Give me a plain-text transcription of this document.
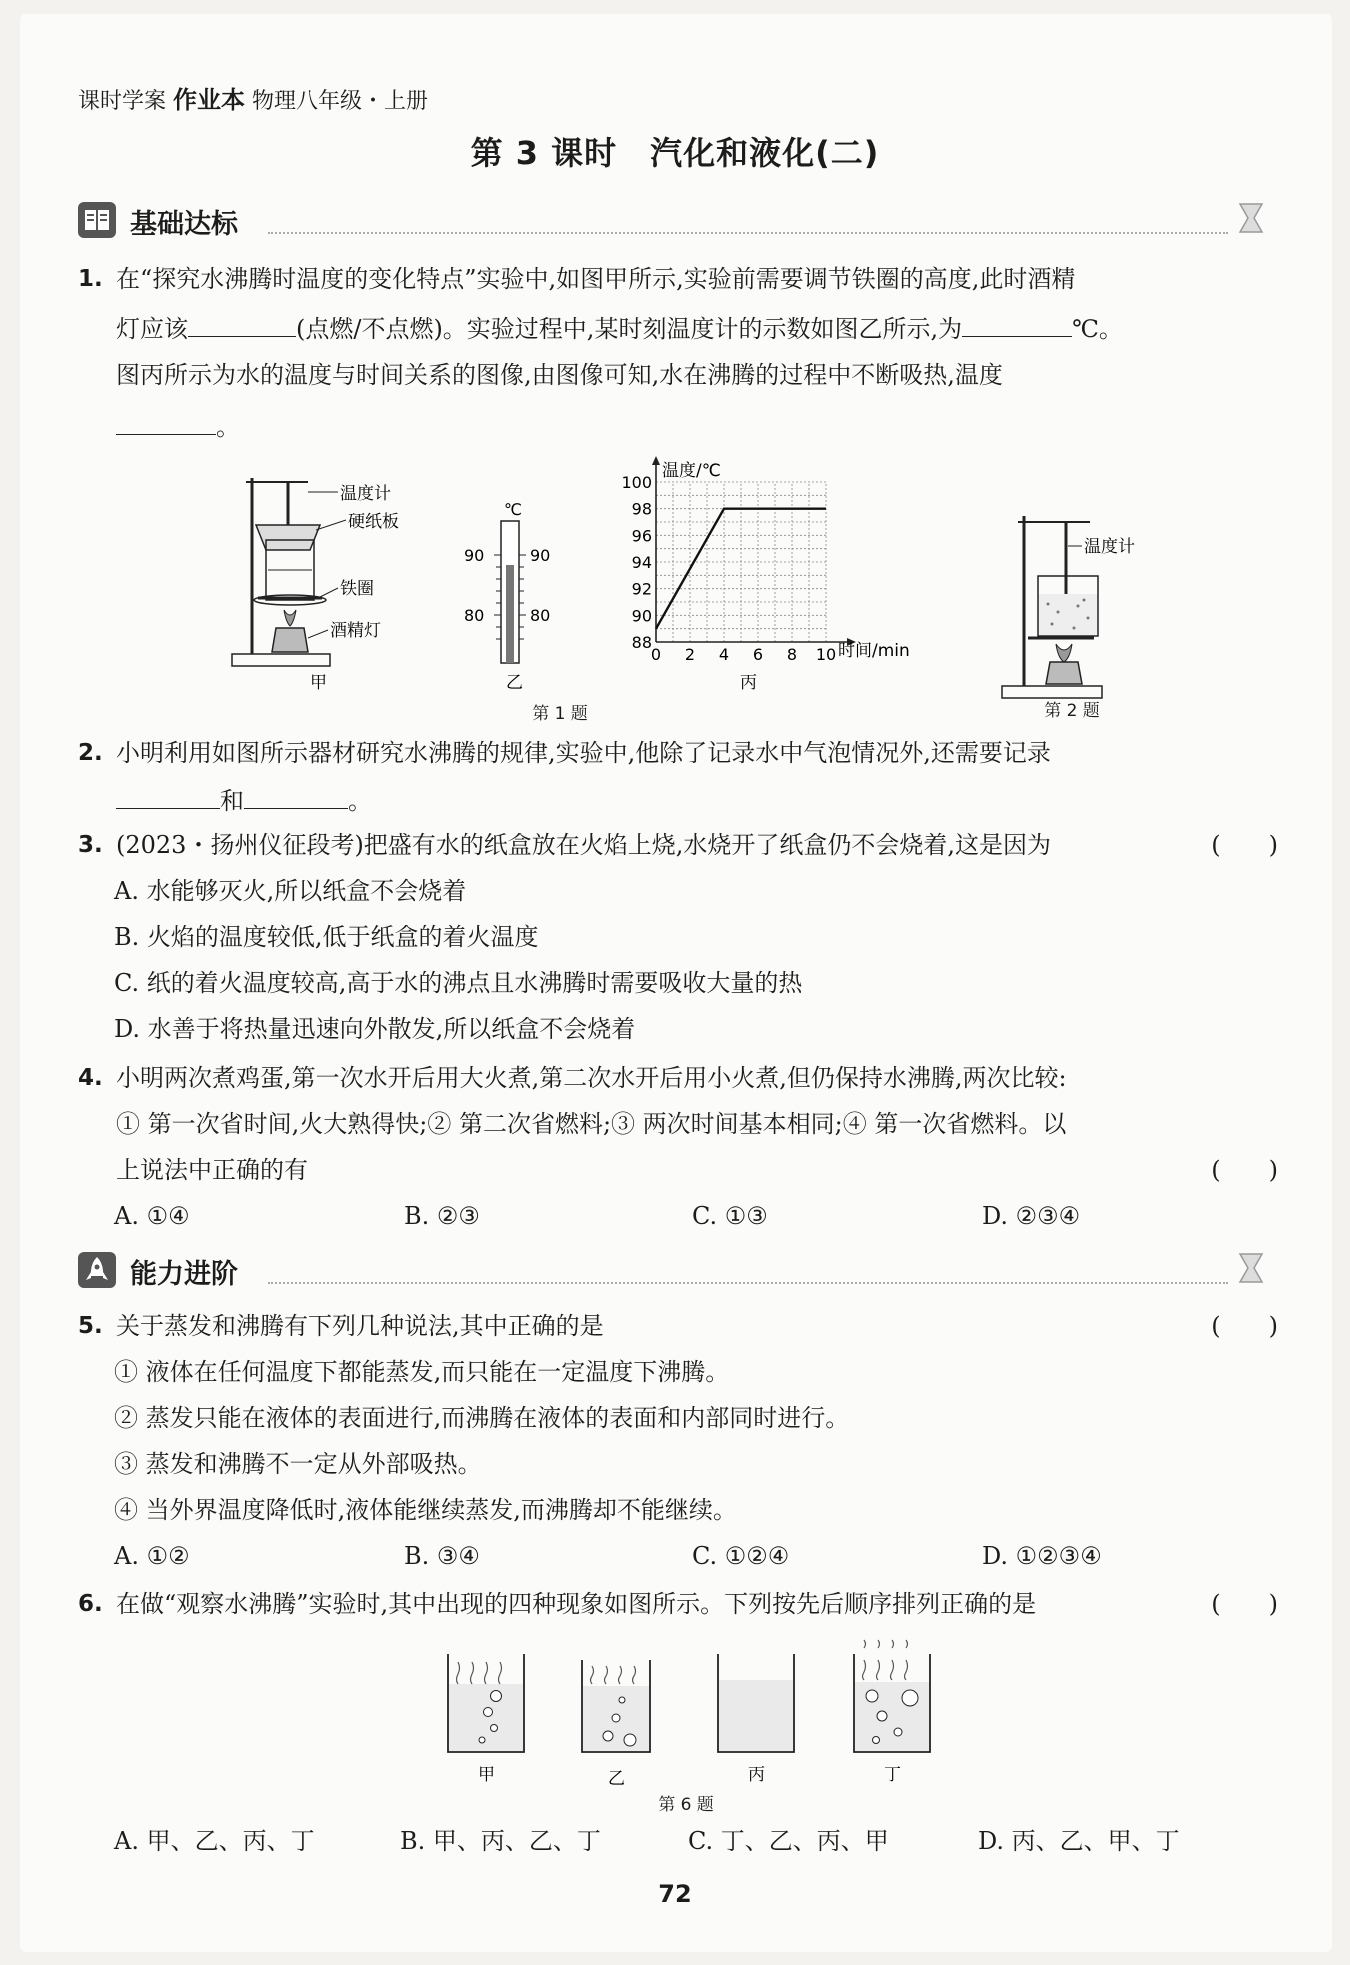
课时学案 作业本 物理八年级・上册
第 3 课时　汽化和液化(二)
基础达标
1. 在“探究水沸腾时温度的变化特点”实验中,如图甲所示,实验前需要调节铁圈的高度,此时酒精
灯应该	(点燃/不点燃)。实验过程中,某时刻温度计的示数如图乙所示,为	℃。
图丙所示为水的温度与时间关系的图像,由图像可知,水在沸腾的过程中不断吸热,温度
。
温度计
硬纸板
铁圈
酒精灯
甲
℃
90	90
80	80
乙
0 2 4 6 8 10
88
90
92
94
96
98
100
温度/℃
时间/min
丙
温度计
第 1 题	第 2 题
2. 小明利用如图所示器材研究水沸腾的规律,实验中,他除了记录水中气泡情况外,还需要记录
和	。
3. (2023・扬州仪征段考)把盛有水的纸盒放在火焰上烧,水烧开了纸盒仍不会烧着,这是因为	(　　)
A. 水能够灭火,所以纸盒不会烧着
B. 火焰的温度较低,低于纸盒的着火温度
C. 纸的着火温度较高,高于水的沸点且水沸腾时需要吸收大量的热
D. 水善于将热量迅速向外散发,所以纸盒不会烧着
4. 小明两次煮鸡蛋,第一次水开后用大火煮,第二次水开后用小火煮,但仍保持水沸腾,两次比较:
① 第一次省时间,火大熟得快;② 第二次省燃料;③ 两次时间基本相同;④ 第一次省燃料。以
上说法中正确的有	(　　)
A. ①④	B. ②③	C. ①③	D. ②③④
能力进阶
5. 关于蒸发和沸腾有下列几种说法,其中正确的是	(　　)
① 液体在任何温度下都能蒸发,而只能在一定温度下沸腾。
② 蒸发只能在液体的表面进行,而沸腾在液体的表面和内部同时进行。
③ 蒸发和沸腾不一定从外部吸热。
④ 当外界温度降低时,液体能继续蒸发,而沸腾却不能继续。
A. ①②	B. ③④	C. ①②④	D. ①②③④
6. 在做“观察水沸腾”实验时,其中出现的四种现象如图所示。下列按先后顺序排列正确的是	(　　)
甲	乙	丙	丁
第 6 题
A. 甲、乙、丙、丁	B. 甲、丙、乙、丁	C. 丁、乙、丙、甲	D. 丙、乙、甲、丁
72
